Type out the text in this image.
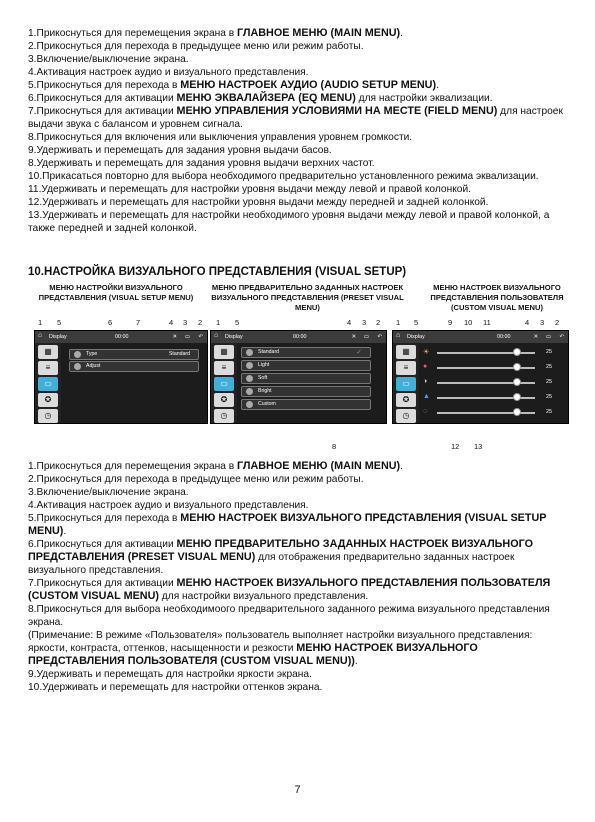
1.Прикоснуться для перемещения экрана в ГЛАВНОЕ МЕНЮ (MAIN MENU).

2.Прикоснуться для перехода в предыдущее меню или режим работы.

3.Включение/выключение экрана.

4.Активация настроек аудио и визуального представления.

5.Прикоснуться для перехода в МЕНЮ НАСТРОЕК АУДИО (AUDIO SETUP MENU).

6.Прикоснуться для активации МЕНЮ ЭКВАЛАЙЗЕРА (EQ MENU) для настройки эквализации.

7.Прикоснуться для активации МЕНЮ УПРАВЛЕНИЯ УСЛОВИЯМИ НА МЕСТЕ (FIELD MENU) для настроек выдачи звука с балансом и уровнем сигнала.

8.Прикоснуться для включения или выключения управления уровнем громкости.

9.Удерживать и перемещать для задания уровня выдачи басов.

8.Удерживать и перемещать для задания уровня выдачи верхних частот.

10.Прикасаться повторно для выбора необходимого предварительно установленного режима эквализации.

11.Удерживать и перемещать для настройки уровня выдачи между левой и правой колонкой.

12.Удерживать и перемещать для настройки уровня выдачи между передней и задней колонкой.

13.Удерживать и перемещать для настройки необходимого уровня выдачи между левой и правой колонкой, а также передней и задней колонкой.

10.НАСТРОЙКА ВИЗУАЛЬНОГО ПРЕДСТАВЛЕНИЯ (VISUAL SETUP)
МЕНЮ НАСТРОЙКИ ВИЗУАЛЬНОГО ПРЕДСТАВЛЕНИЯ (VISUAL SETUP MENU)
МЕНЮ ПРЕДВАРИТЕЛЬНО ЗАДАННЫХ НАСТРОЕК ВИЗУАЛЬНОГО ПРЕДСТАВЛЕНИЯ (PRESET VISUAL MENU)
МЕНЮ НАСТРОЕК ВИЗУАЛЬНОГО ПРЕДСТАВЛЕНИЯ ПОЛЬЗОВАТЕЛЯ (CUSTOM VISUAL MENU)
1 5	6	7	4 3 2
⌂ Display	00:00	✕ ▭ ↶
▦
≡
▭
✪
◷
Type	Standard
Adjust
1 5	4 3 2
8
⌂ Display	00:00	✕ ▭ ↶
▦
≡
▭
✪
◷
Standard	✓
Light
Soft
Bright
Custom
1 5	9 10 11	4 3 2
12 13
⌂ Display	00:00	✕ ▭ ↶
▦
≡
▭
✪
◷
☀	25
●	25
◑	25
▲	25
◌	25

1.Прикоснуться для перемещения экрана в ГЛАВНОЕ МЕНЮ (MAIN MENU).

2.Прикоснуться для перехода в предыдущее меню или режим работы.

3.Включение/выключение экрана.

4.Активация настроек аудио и визуального представления.

5.Прикоснуться для перехода в МЕНЮ НАСТРОЕК ВИЗУАЛЬНОГО ПРЕДСТАВЛЕНИЯ (VISUAL SETUP MENU).

6.Прикоснуться для активации МЕНЮ ПРЕДВАРИТЕЛЬНО ЗАДАННЫХ НАСТРОЕК ВИЗУАЛЬНОГО ПРЕДСТАВЛЕНИЯ (PRESET VISUAL MENU) для отображения предварительно заданных настроек визуального представления.

7.Прикоснуться для активации МЕНЮ НАСТРОЕК ВИЗУАЛЬНОГО ПРЕДСТАВЛЕНИЯ ПОЛЬЗОВАТЕЛЯ (CUSTOM VISUAL MENU) для настройки визуального представления.

8.Прикоснуться для выбора необходимоого предварительного заданного режима визуального представления экрана.

(Примечание: В режиме «Пользователя» пользователь выполняет настройки визуального представления: яркости, контраста, оттенков, насыщенности и резкости МЕНЮ НАСТРОЕК ВИЗУАЛЬНОГО ПРЕДСТАВЛЕНИЯ ПОЛЬЗОВАТЕЛЯ (CUSTOM VISUAL MENU)).

9.Удерживать и перемещать для настройки яркости экрана.

10.Удерживать и перемещать для настройки оттенков экрана.

7
